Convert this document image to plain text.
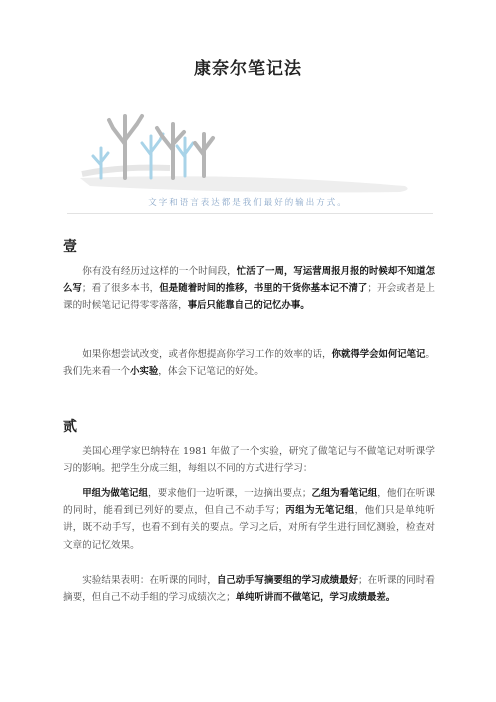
康奈尔笔记法
文字和语言表达都是我们最好的输出方式。
壹

你有没有经历过这样的一个时间段，忙活了一周，写运营周报月报的时候却不知道怎么写；看了很多本书，但是随着时间的推移，书里的干货你基本记不清了；开会或者是上课的时候笔记记得零零落落，事后只能靠自己的记忆办事。

如果你想尝试改变，或者你想提高你学习工作的效率的话，你就得学会如何记笔记。我们先来看一个小实验，体会下记笔记的好处。

贰

美国心理学家巴纳特在 1981 年做了一个实验，研究了做笔记与不做笔记对听课学习的影响。把学生分成三组，每组以不同的方式进行学习：

甲组为做笔记组，要求他们一边听课，一边摘出要点；乙组为看笔记组，他们在听课的同时，能看到已列好的要点，但自己不动手写；丙组为无笔记组，他们只是单纯听讲，既不动手写，也看不到有关的要点。学习之后，对所有学生进行回忆测验，检查对文章的记忆效果。

实验结果表明：在听课的同时，自己动手写摘要组的学习成绩最好；在听课的同时看摘要，但自己不动手组的学习成绩次之；单纯听讲而不做笔记，学习成绩最差。
